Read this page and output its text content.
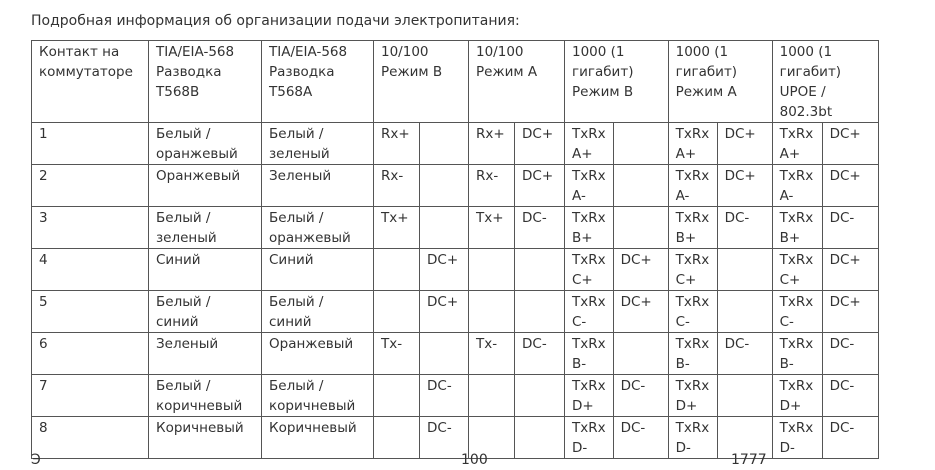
Подробная информация об организации подачи электропитания:

Контакт на коммутаторе	TIA/EIA-568 Разводка T568B	TIA/EIA-568 Разводка T568A	10/100 Режим B		10/100 Режим A		1000 (1 гигабит) Режим B		1000 (1 гигабит) Режим A		1000 (1 гигабит) UPOE / 802.3bt	
1	Белый / оранжевый	Белый / зеленый	Rx+		Rx+	DC+	TxRx A+		TxRx A+	DC+	TxRx A+	DC+
2	Оранжевый	Зеленый	Rx-		Rx-	DC+	TxRx A-		TxRx A-	DC+	TxRx A-	DC+
3	Белый / зеленый	Белый / оранжевый	Tx+		Tx+	DC-	TxRx B+		TxRx B+	DC-	TxRx B+	DC-
4	Синий	Синий		DC+			TxRx C+	DC+	TxRx C+		TxRx C+	DC+
5	Белый / синий	Белый / синий		DC+			TxRx C-	DC+	TxRx C-		TxRx C-	DC+
6	Зеленый	Оранжевый	Tx-		Tx-	DC-	TxRx B-		TxRx B-	DC-	TxRx B-	DC-
7	Белый / коричневый	Белый / коричневый		DC-			TxRx D+	DC-	TxRx D+		TxRx D+	DC-
8	Коричневый	Коричневый		DC-			TxRx D-	DC-	TxRx D-		TxRx D-	DC-
Э	100	1777
